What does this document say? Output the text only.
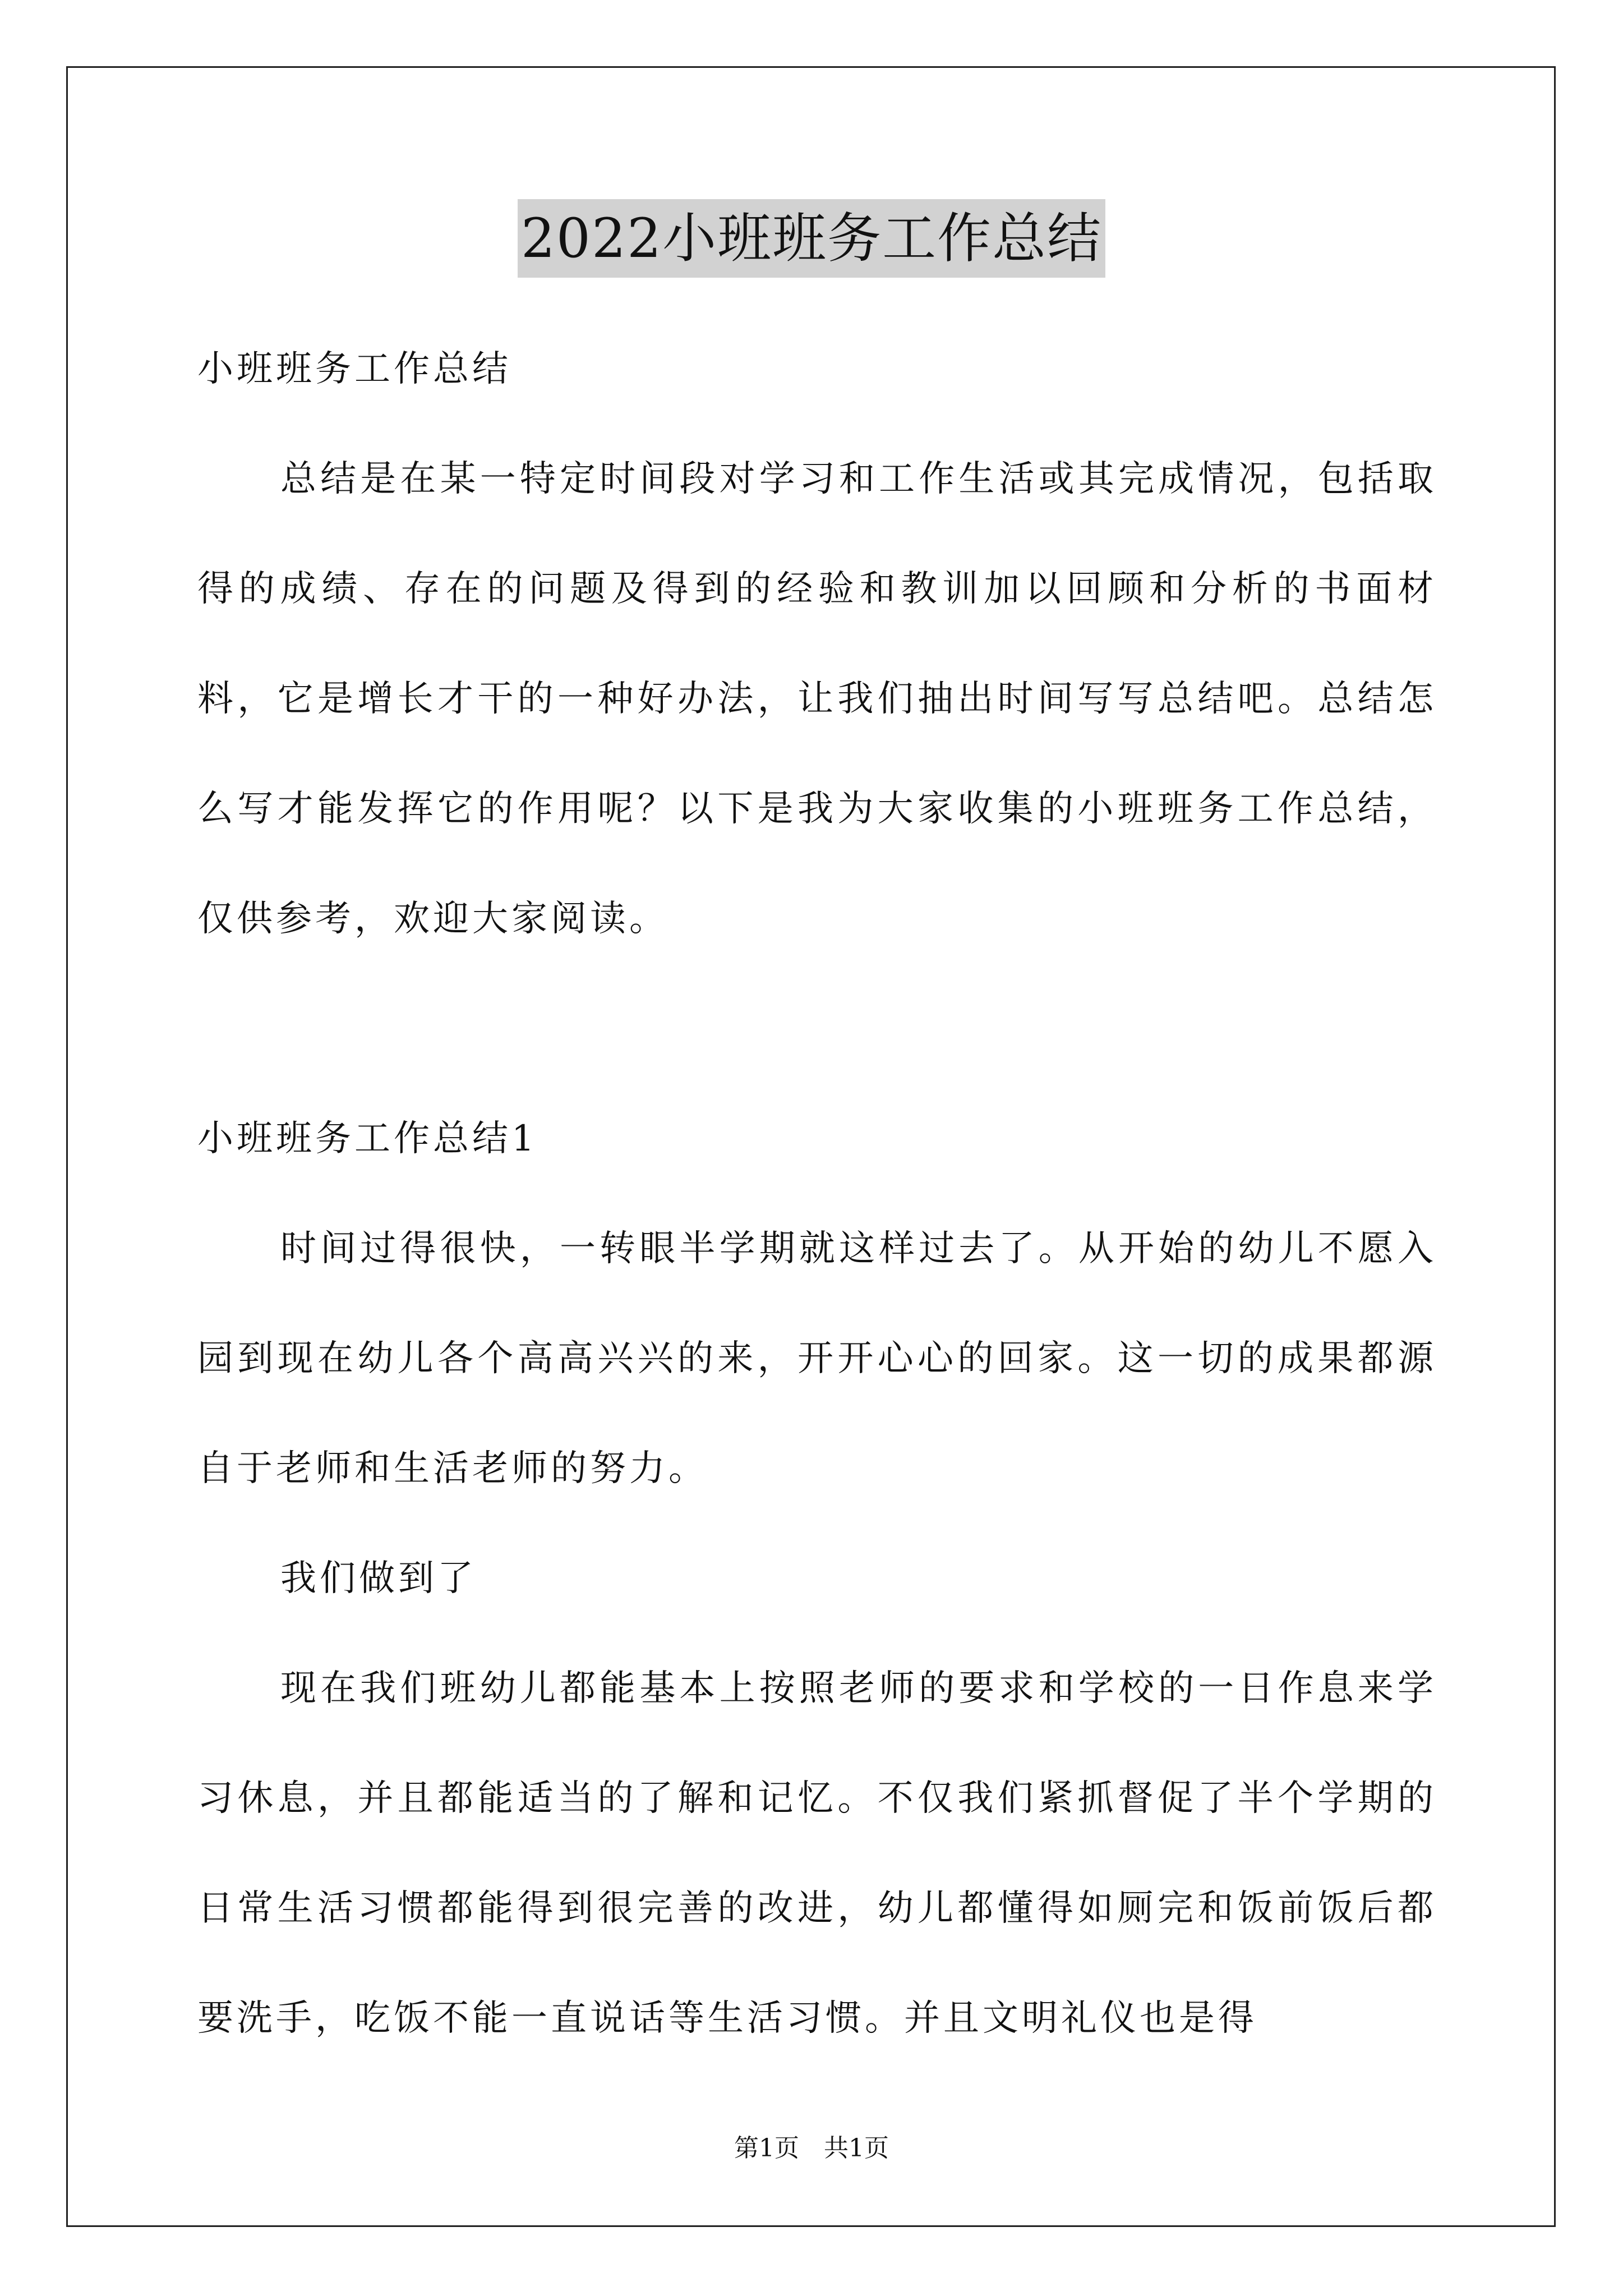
2022小班班务工作总结

小班班务工作总结

总结是在某一特定时间段对学习和工作生活或其完成情况，包括取得的成绩、存在的问题及得到的经验和教训加以回顾和分析的书面材料，它是增长才干的一种好办法，让我们抽出时间写写总结吧。总结怎么写才能发挥它的作用呢？以下是我为大家收集的小班班务工作总结，仅供参考，欢迎大家阅读。

小班班务工作总结1

时间过得很快，一转眼半学期就这样过去了。从开始的幼儿不愿入园到现在幼儿各个高高兴兴的来，开开心心的回家。这一切的成果都源自于老师和生活老师的努力。

我们做到了

现在我们班幼儿都能基本上按照老师的要求和学校的一日作息来学习休息，并且都能适当的了解和记忆。不仅我们紧抓督促了半个学期的日常生活习惯都能得到很完善的改进，幼儿都懂得如厕完和饭前饭后都要洗手，吃饭不能一直说话等生活习惯。并且文明礼仪也是得

第1页　共1页
